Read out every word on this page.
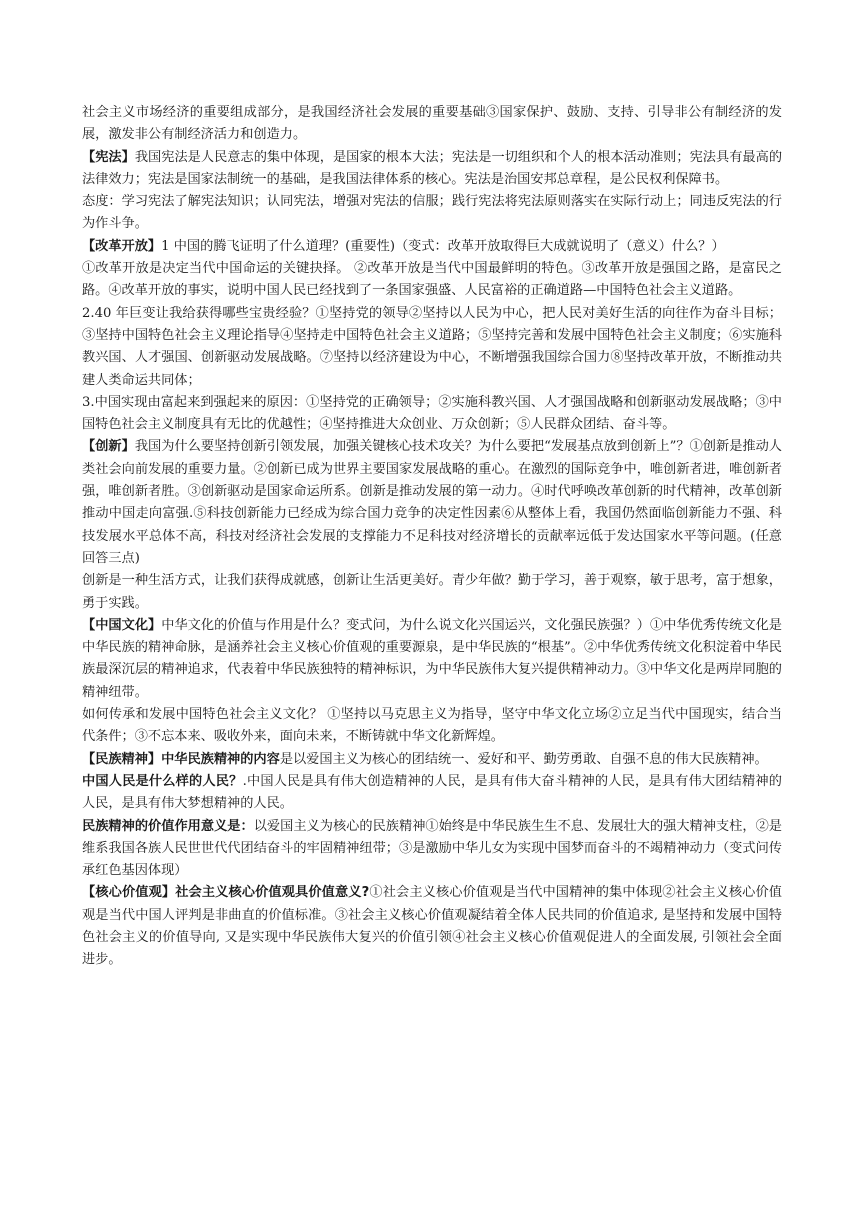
社会主义市场经济的重要组成部分，是我国经济社会发展的重要基础③国家保护、鼓励、支持、引导非公有制经济的发展，激发非公有制经济活力和创造力。

【宪法】我国宪法是人民意志的集中体现，是国家的根本大法；宪法是一切组织和个人的根本活动准则；宪法具有最高的法律效力；宪法是国家法制统一的基础，是我国法律体系的核心。宪法是治国安邦总章程，是公民权利保障书。

态度：学习宪法了解宪法知识；认同宪法，增强对宪法的信服；践行宪法将宪法原则落实在实际行动上；同违反宪法的行为作斗争。

【改革开放】1 中国的腾飞证明了什么道理？(重要性)（变式：改革开放取得巨大成就说明了（意义）什么？）

①改革开放是决定当代中国命运的关键抉择。 ②改革开放是当代中国最鲜明的特色。③改革开放是强国之路，是富民之路。④改革开放的事实，说明中国人民已经找到了一条国家强盛、人民富裕的正确道路—中国特色社会主义道路。

2.40 年巨变让我给获得哪些宝贵经验？①坚持党的领导②坚持以人民为中心，把人民对美好生活的向往作为奋斗目标；③坚持中国特色社会主义理论指导④坚持走中国特色社会主义道路；⑤坚持完善和发展中国特色社会主义制度；⑥实施科教兴国、人才强国、创新驱动发展战略。⑦坚持以经济建设为中心，不断增强我国综合国力⑧坚持改革开放，不断推动共建人类命运共同体；

3.中国实现由富起来到强起来的原因：①坚持党的正确领导；②实施科教兴国、人才强国战略和创新驱动发展战略；③中国特色社会主义制度具有无比的优越性；④坚持推进大众创业、万众创新；⑤人民群众团结、奋斗等。

【创新】我国为什么要坚持创新引领发展，加强关键核心技术攻关？为什么要把“发展基点放到创新上”？①创新是推动人类社会向前发展的重要力量。②创新已成为世界主要国家发展战略的重心。在激烈的国际竞争中，唯创新者进，唯创新者强，唯创新者胜。③创新驱动是国家命运所系。创新是推动发展的第一动力。④时代呼唤改革创新的时代精神，改革创新推动中国走向富强.⑤科技创新能力已经成为综合国力竞争的决定性因素⑥从整体上看，我国仍然面临创新能力不强、科技发展水平总体不高，科技对经济社会发展的支撑能力不足科技对经济增长的贡献率远低于发达国家水平等问题。(任意回答三点)

创新是一种生活方式，让我们获得成就感，创新让生活更美好。青少年做？勤于学习，善于观察，敏于思考，富于想象，勇于实践。

【中国文化】中华文化的价值与作用是什么？变式问，为什么说文化兴国运兴，文化强民族强？）①中华优秀传统文化是中华民族的精神命脉，是涵养社会主义核心价值观的重要源泉，是中华民族的“根基”。②中华优秀传统文化积淀着中华民族最深沉层的精神追求，代表着中华民族独特的精神标识，为中华民族伟大复兴提供精神动力。③中华文化是两岸同胞的精神纽带。

如何传承和发展中国特色社会主义文化？ ①坚持以马克思主义为指导，坚守中华文化立场②立足当代中国现实，结合当代条件；③不忘本来、吸收外来，面向未来，不断铸就中华文化新辉煌。

【民族精神】中华民族精神的内容是以爱国主义为核心的团结统一、爱好和平、勤劳勇敢、自强不息的伟大民族精神。

中国人民是什么样的人民？.中国人民是具有伟大创造精神的人民，是具有伟大奋斗精神的人民，是具有伟大团结精神的人民，是具有伟大梦想精神的人民。

民族精神的价值作用意义是：以爱国主义为核心的民族精神①始终是中华民族生生不息、发展壮大的强大精神支柱，②是维系我国各族人民世世代代团结奋斗的牢固精神纽带；③是激励中华儿女为实现中国梦而奋斗的不竭精神动力（变式问传承红色基因体现）

【核心价值观】社会主义核心价值观具价值意义?①社会主义核心价值观是当代中国精神的集中体现②社会主义核心价值观是当代中国人评判是非曲直的价值标准。③社会主义核心价值观凝结着全体人民共同的价值追求, 是坚持和发展中国特色社会主义的价值导向, 又是实现中华民族伟大复兴的价值引领④社会主义核心价值观促进人的全面发展, 引领社会全面进步。
